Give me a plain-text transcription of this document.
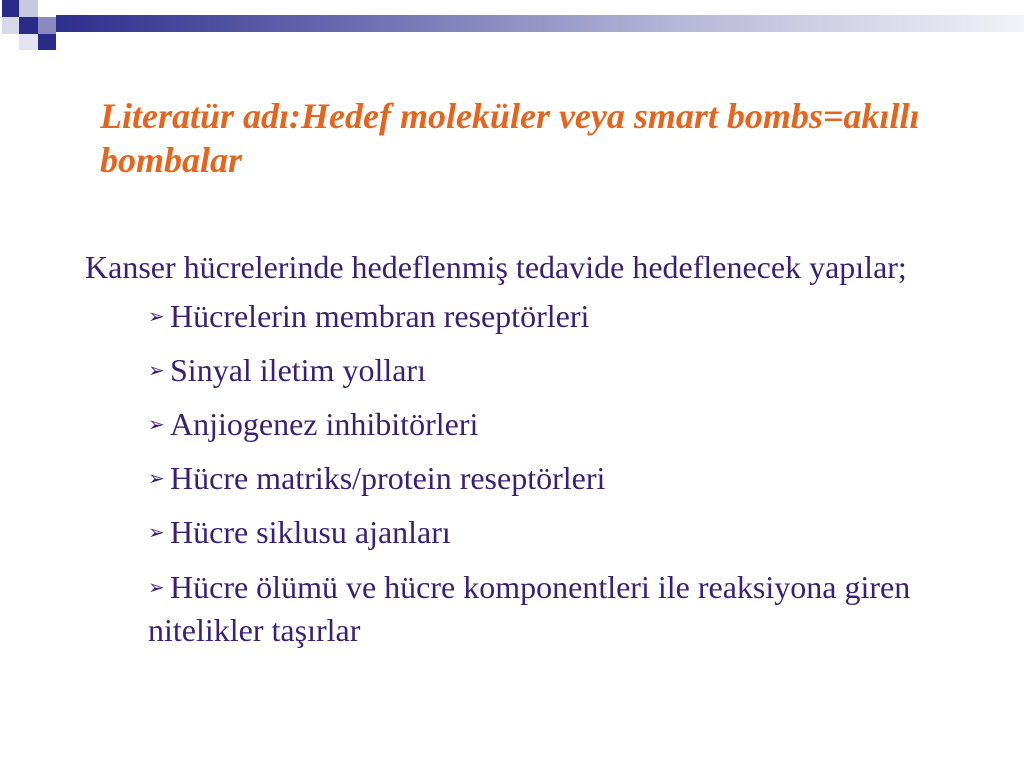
Literatür adı:Hedef moleküler veya smart bombs=akıllı bombalar

Kanser hücrelerinde hedeflenmiş tedavide hedeflenecek yapılar;

➢ Hücrelerin membran reseptörleri
➢ Sinyal iletim yolları
➢ Anjiogenez inhibitörleri
➢ Hücre matriks/protein reseptörleri
➢ Hücre siklusu ajanları
➢ Hücre ölümü ve hücre komponentleri ile reaksiyona giren nitelikler taşırlar
